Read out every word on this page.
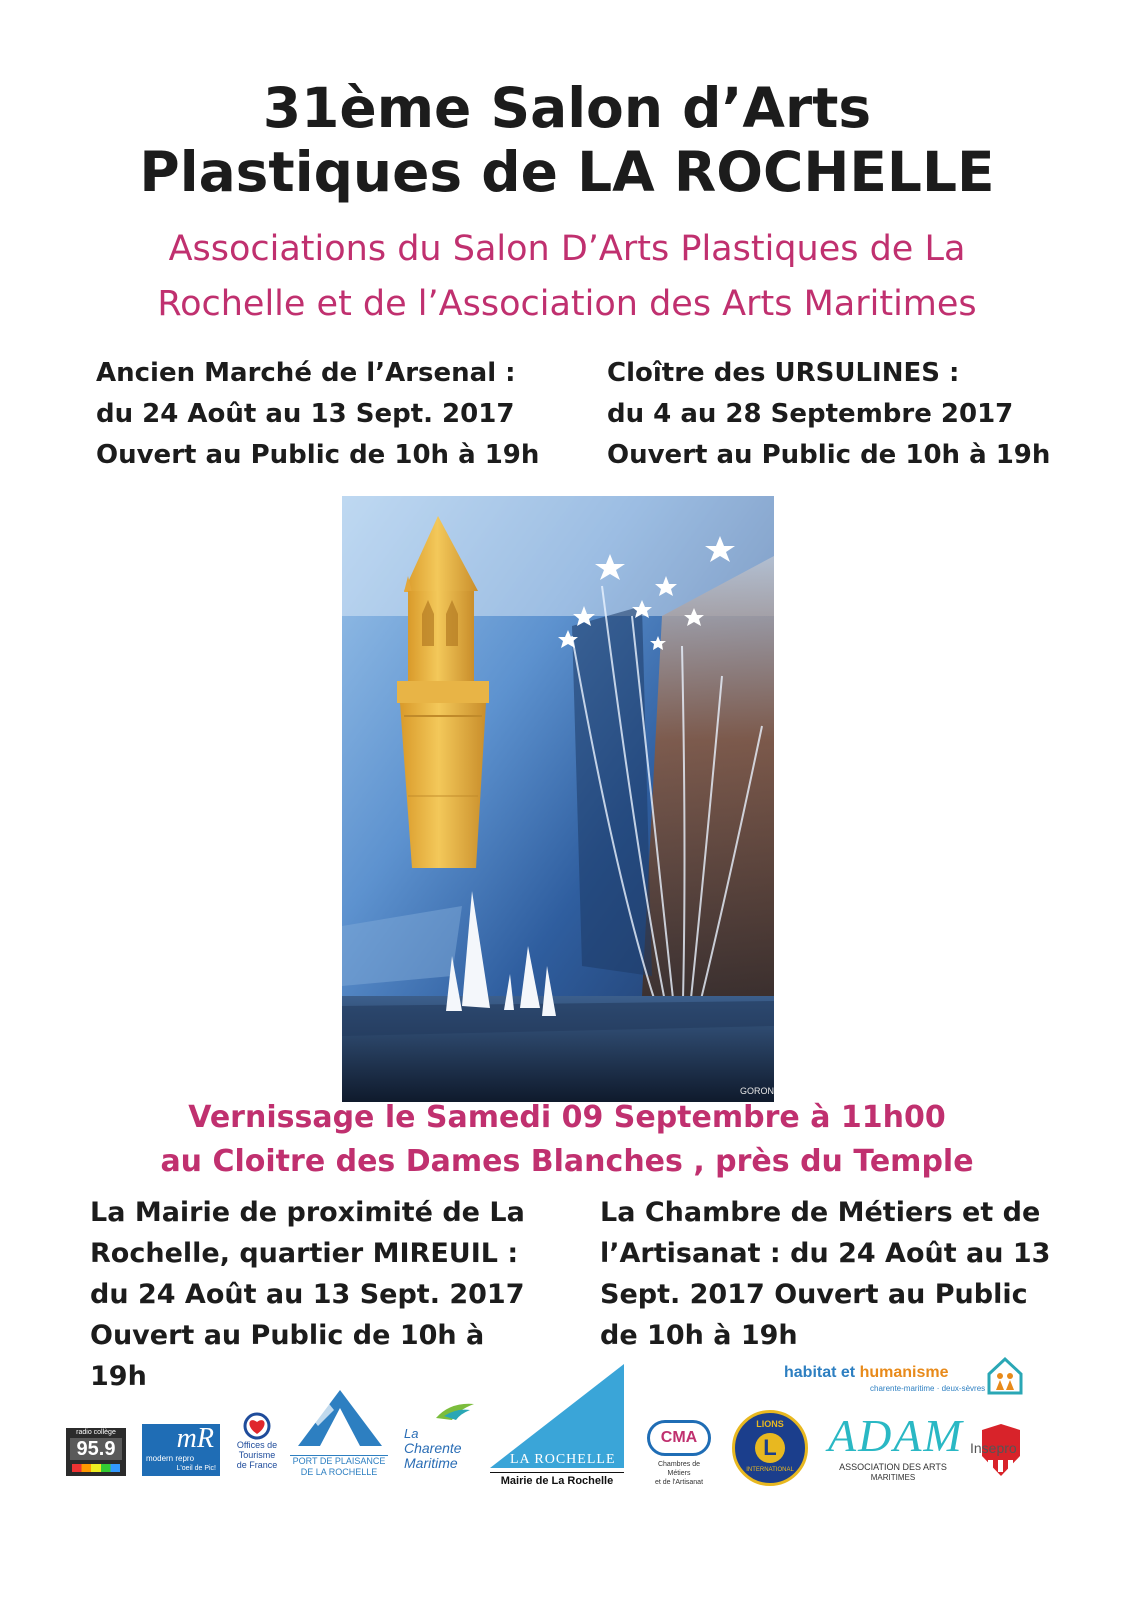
31ème Salon d’Arts
Plastiques de LA ROCHELLE
Associations du Salon D’Arts Plastiques de La
Rochelle et de l’Association des Arts Maritimes
Ancien Marché de l’Arsenal :
du 24 Août au 13 Sept. 2017
Ouvert au Public de 10h à 19h
Cloître des URSULINES :
du 4 au 28 Septembre 2017
Ouvert au Public de 10h à 19h
GORON
Vernissage le Samedi 09 Septembre à 11h00
au Cloitre des Dames Blanches , près du Temple
La Mairie de proximité de La
Rochelle, quartier MIREUIL :
du 24 Août au 13 Sept. 2017
Ouvert au Public de 10h à 19h
La Chambre de Métiers et de
l’Artisanat : du 24 Août au 13
Sept. 2017 Ouvert au Public
de 10h à 19h
radio collège
95.9	mR
modern repro
L'oeil de Pic!
Offices de
Tourisme
de France	PORT DE PLAISANCE
DE LA ROCHELLE
La
Charente
Maritime	LA ROCHELLE
Mairie de La Rochelle
CMA
Chambres de Métiers
et de l'Artisanat
LIONS
L
INTERNATIONAL
ADAM
ASSOCIATION DES ARTS
MARITIMES
habitat et humanisme
charente-maritime · deux-sèvres
Insepro
